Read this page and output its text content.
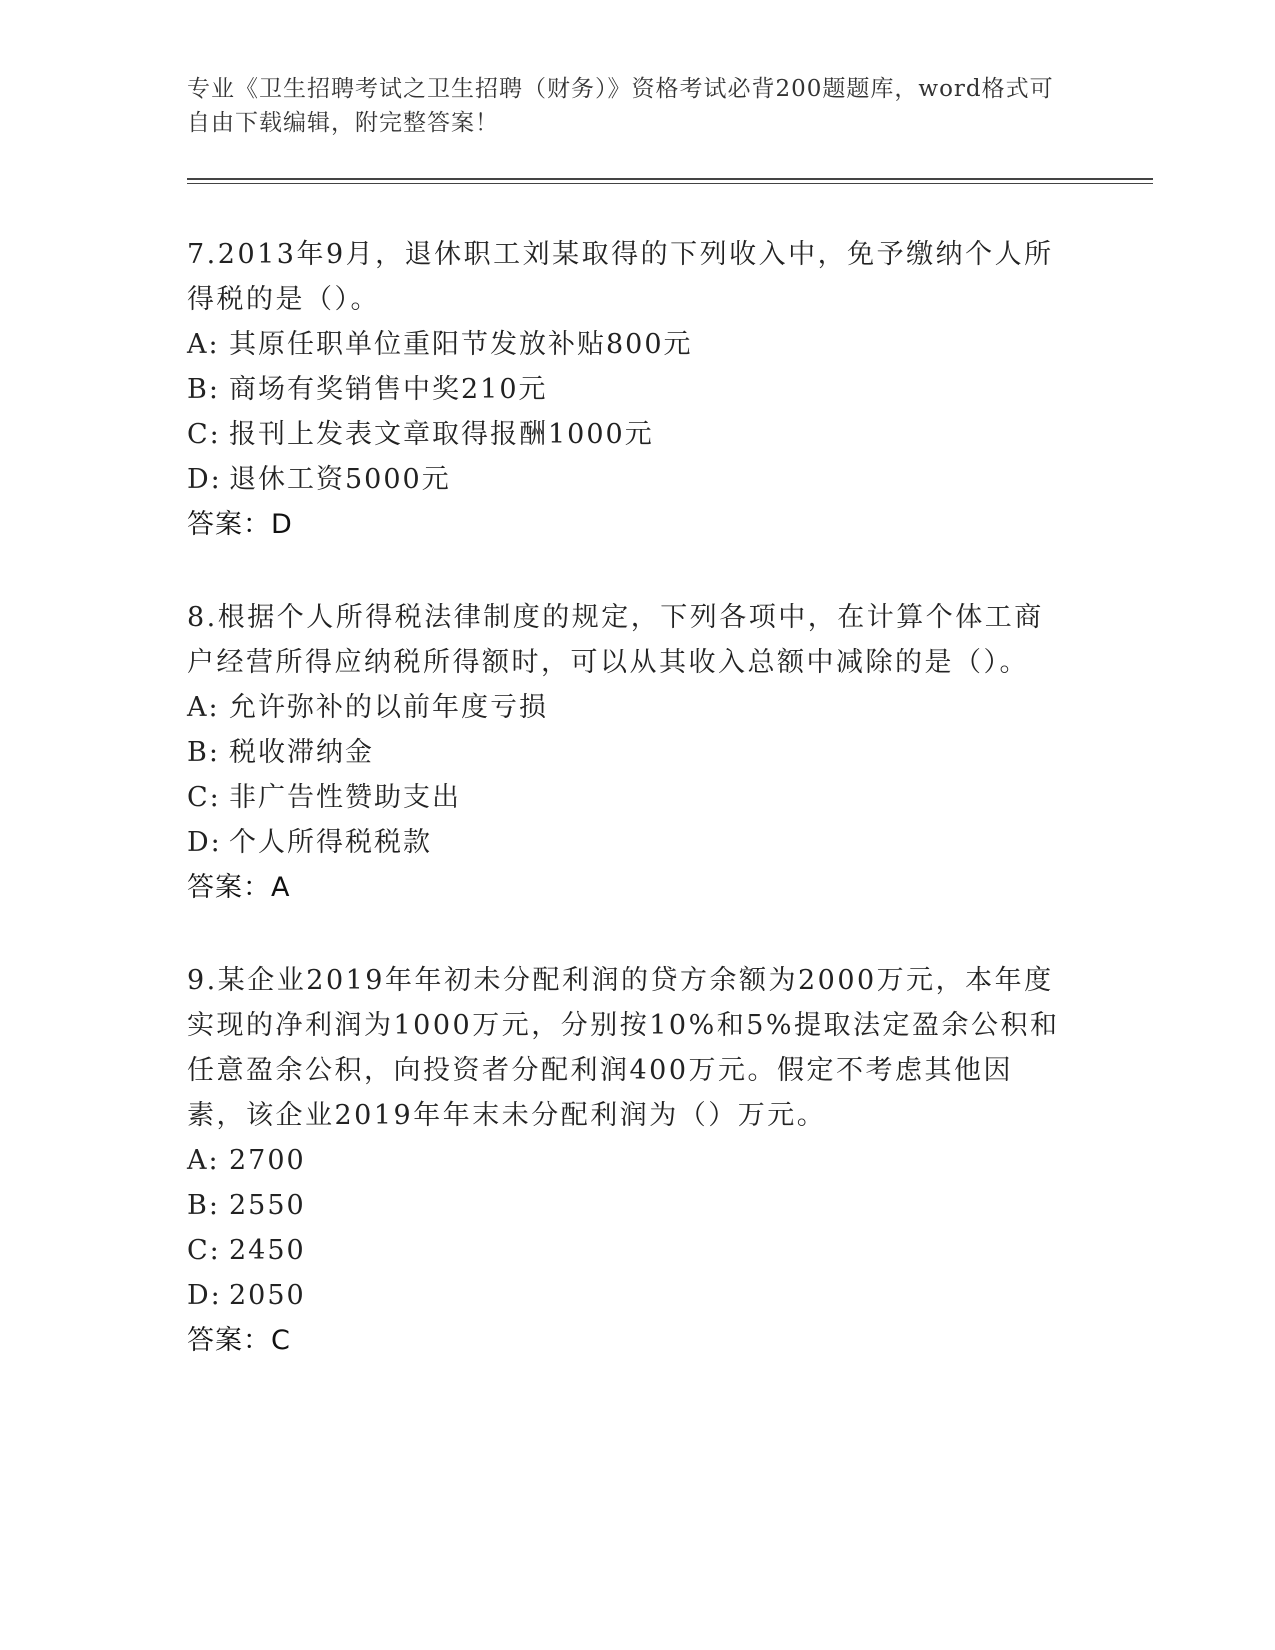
专业《卫生招聘考试之卫生招聘（财务）》资格考试必背200题题库，word格式可自由下载编辑，附完整答案！
7.2013年9月，退休职工刘某取得的下列收入中，免予缴纳个人所得税的是（）。
A: 其原任职单位重阳节发放补贴800元
B: 商场有奖销售中奖210元
C: 报刊上发表文章取得报酬1000元
D: 退休工资5000元
答案：D
8.根据个人所得税法律制度的规定，下列各项中，在计算个体工商户经营所得应纳税所得额时，可以从其收入总额中减除的是（）。
A: 允许弥补的以前年度亏损
B: 税收滞纳金
C: 非广告性赞助支出
D: 个人所得税税款
答案：A
9.某企业2019年年初未分配利润的贷方余额为2000万元，本年度实现的净利润为1000万元，分别按10%和5%提取法定盈余公积和任意盈余公积，向投资者分配利润400万元。假定不考虑其他因素，该企业2019年年末未分配利润为（）万元。
A: 2700
B: 2550
C: 2450
D: 2050
答案：C
